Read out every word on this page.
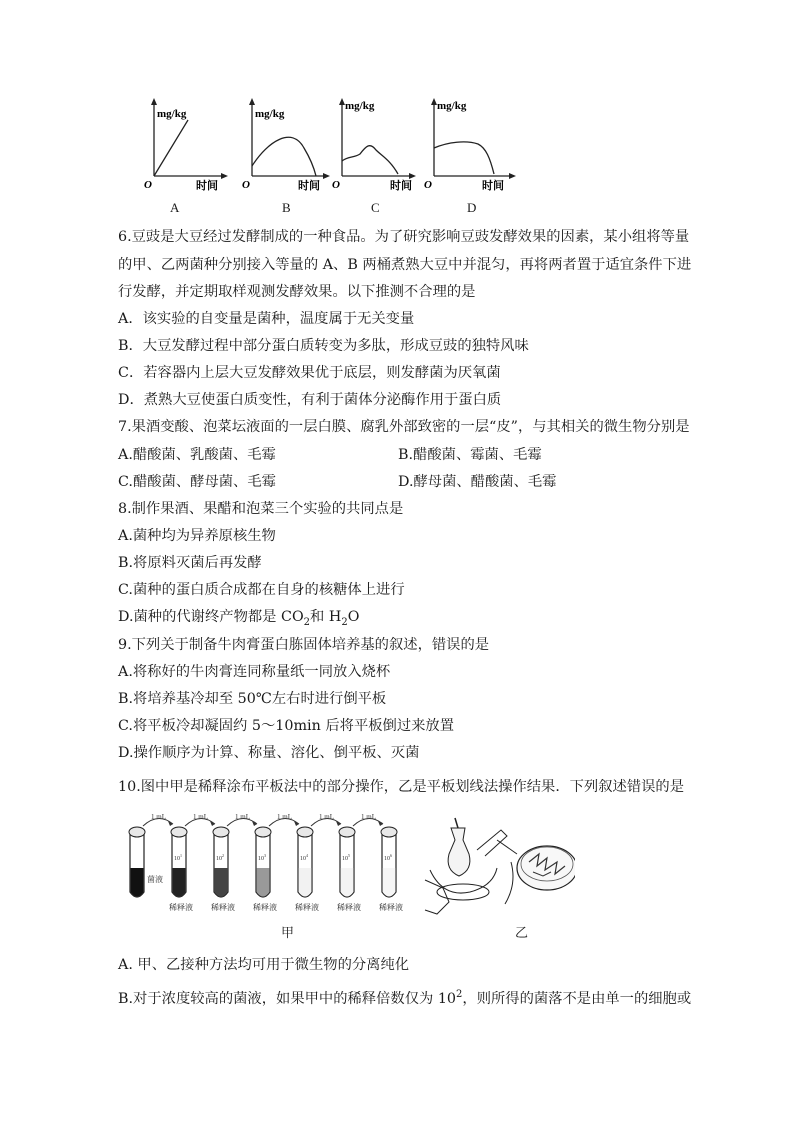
mg/kg
O	时间
mg/kg
O	时间
mg/kg
O	时间
mg/kg
O	时间
A	B	C	D
6.豆豉是大豆经过发酵制成的一种食品。为了研究影响豆豉发酵效果的因素，某小组将等量
的甲、乙两菌种分别接入等量的 A、B 两桶煮熟大豆中并混匀，再将两者置于适宜条件下进
行发酵，并定期取样观测发酵效果。以下推测不合理的是
A．该实验的自变量是菌种，温度属于无关变量
B．大豆发酵过程中部分蛋白质转变为多肽，形成豆豉的独特风味
C．若容器内上层大豆发酵效果优于底层，则发酵菌为厌氧菌
D．煮熟大豆使蛋白质变性，有利于菌体分泌酶作用于蛋白质
7.果酒变酸、泡菜坛液面的一层白膜、腐乳外部致密的一层“皮”，与其相关的微生物分别是
A.醋酸菌、乳酸菌、毛霉	B.醋酸菌、霉菌、毛霉
C.醋酸菌、酵母菌、毛霉	D.酵母菌、醋酸菌、毛霉
8.制作果酒、果醋和泡菜三个实验的共同点是
A.菌种均为异养原核生物
B.将原料灭菌后再发酵
C.菌种的蛋白质合成都在自身的核糖体上进行
D.菌种的代谢终产物都是 $CO_2$和 $H_2O$
9.下列关于制备牛肉膏蛋白胨固体培养基的叙述，错误的是
A.将称好的牛肉膏连同称量纸一同放入烧杯
B.将培养基冷却至 50℃左右时进行倒平板
C.将平板冷却凝固约 5～10min 后将平板倒过来放置
D.操作顺序为计算、称量、溶化、倒平板、灭菌
10.图中甲是稀释涂布平板法中的部分操作，乙是平板划线法操作结果．下列叙述错误的是
1 mL	1 mL	1 mL	1 mL	1 mL	1 mL
$10^1$
$10^2$
$10^3$
$10^4$
$10^5$
$10^6$
菌液
稀释液 稀释液 稀释液 稀释液 稀释液 稀释液
甲	乙
A. 甲、乙接种方法均可用于微生物的分离纯化
B.对于浓度较高的菌液，如果甲中的稀释倍数仅为 $10^2$，则所得的菌落不是由单一的细胞或
